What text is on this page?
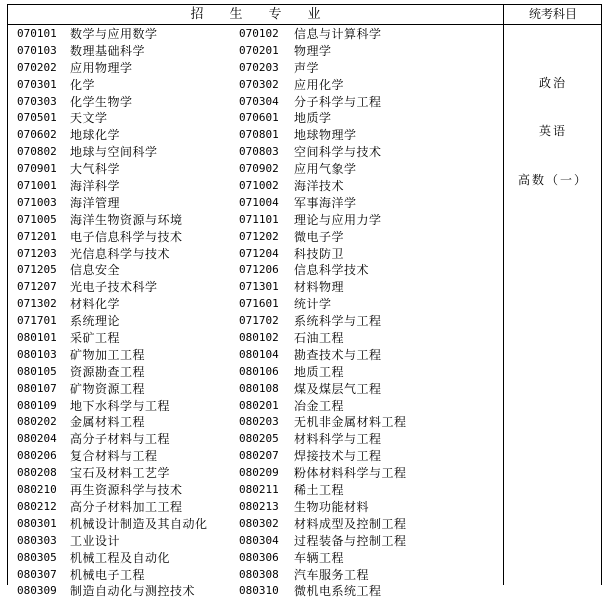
招生专业	统考科目
070101 数学与应用数学	070102 信息与计算科学
070103 数理基础科学	070201 物理学
070202 应用物理学	070203 声学
070301 化学	070302 应用化学
070303 化学生物学	070304 分子科学与工程
070501 天文学	070601 地质学
070602 地球化学	070801 地球物理学
070802 地球与空间科学	070803 空间科学与技术
070901 大气科学	070902 应用气象学
071001 海洋科学	071002 海洋技术
071003 海洋管理	071004 军事海洋学
071005 海洋生物资源与环境	071101 理论与应用力学
071201 电子信息科学与技术	071202 微电子学
071203 光信息科学与技术	071204 科技防卫
071205 信息安全	071206 信息科学技术
071207 光电子技术科学	071301 材料物理
071302 材料化学	071601 统计学
071701 系统理论	071702 系统科学与工程
080101 采矿工程	080102 石油工程
080103 矿物加工工程	080104 勘查技术与工程
080105 资源勘查工程	080106 地质工程
080107 矿物资源工程	080108 煤及煤层气工程
080109 地下水科学与工程	080201 冶金工程
080202 金属材料工程	080203 无机非金属材料工程
080204 高分子材料与工程	080205 材料科学与工程
080206 复合材料与工程	080207 焊接技术与工程
080208 宝石及材料工艺学	080209 粉体材料科学与工程
080210 再生资源科学与技术	080211 稀土工程
080212 高分子材料加工工程	080213 生物功能材料
080301 机械设计制造及其自动化	080302 材料成型及控制工程
080303 工业设计	080304 过程装备与控制工程
080305 机械工程及自动化	080306 车辆工程
080307 机械电子工程	080308 汽车服务工程
080309 制造自动化与测控技术	080310 微机电系统工程
政治
英语
高数（一）
